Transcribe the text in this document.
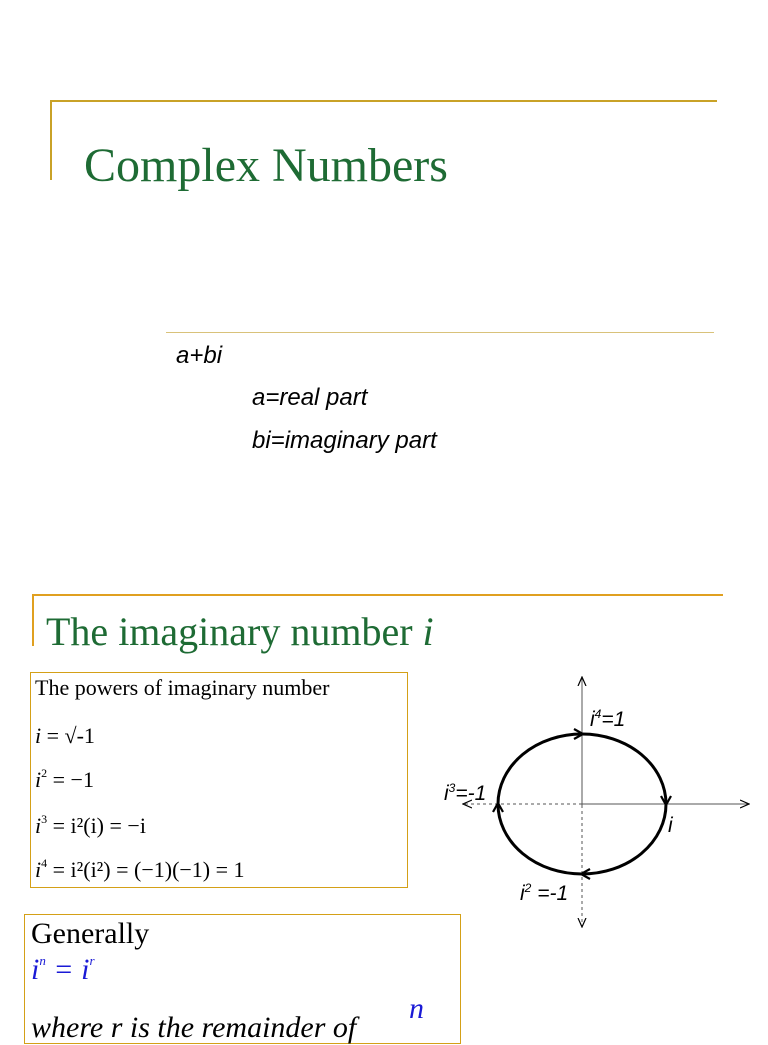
Complex Numbers
a+bi
a=real part
bi=imaginary part
The imaginary number i
The powers of imaginary number
i = √-1
$i^2 = -1$
$i^3 = i^2(i) = -i$
$i^4 = i^2(i^2) = (-1)(-1) = 1$
Generally
$i^n = i^r$
where r is the remainder of
n
$i^4=1$
$i^3=-1$
i
$i^2 =-1$
